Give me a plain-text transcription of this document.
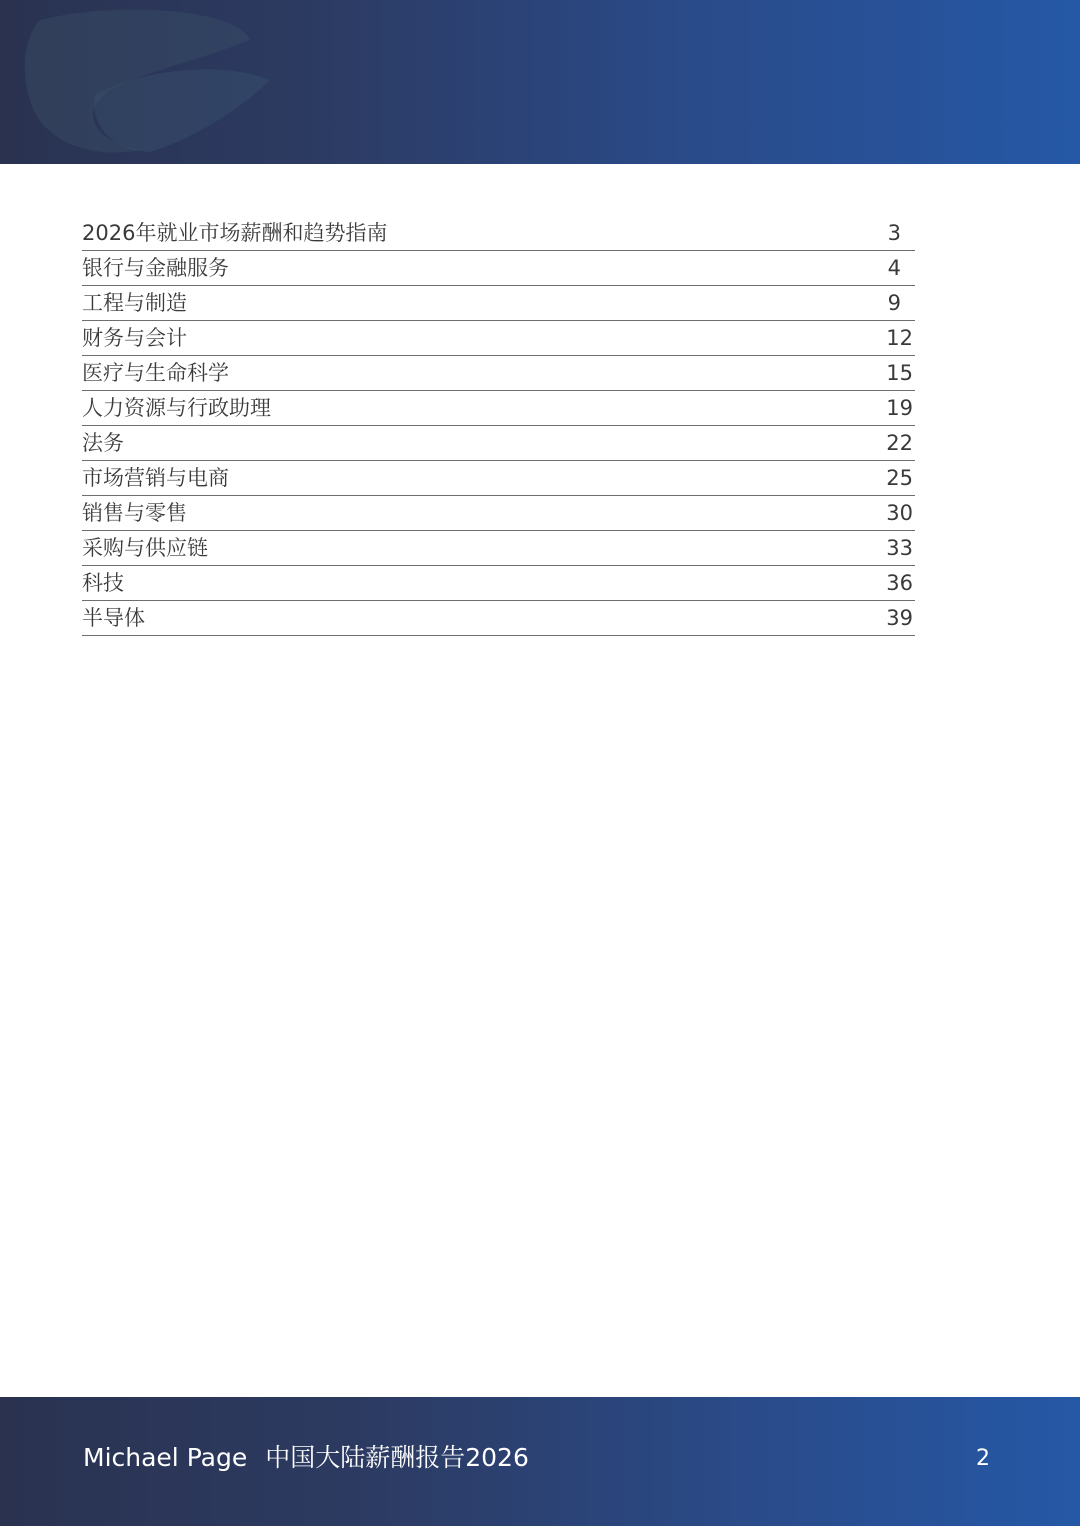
2026年就业市场薪酬和趋势指南	3
银行与金融服务	4
工程与制造	9
财务与会计	12
医疗与生命科学	15
人力资源与行政助理	19
法务	22
市场营销与电商	25
销售与零售	30
采购与供应链	33
科技	36
半导体	39
Michael Page 中国大陆薪酬报告2026	2
